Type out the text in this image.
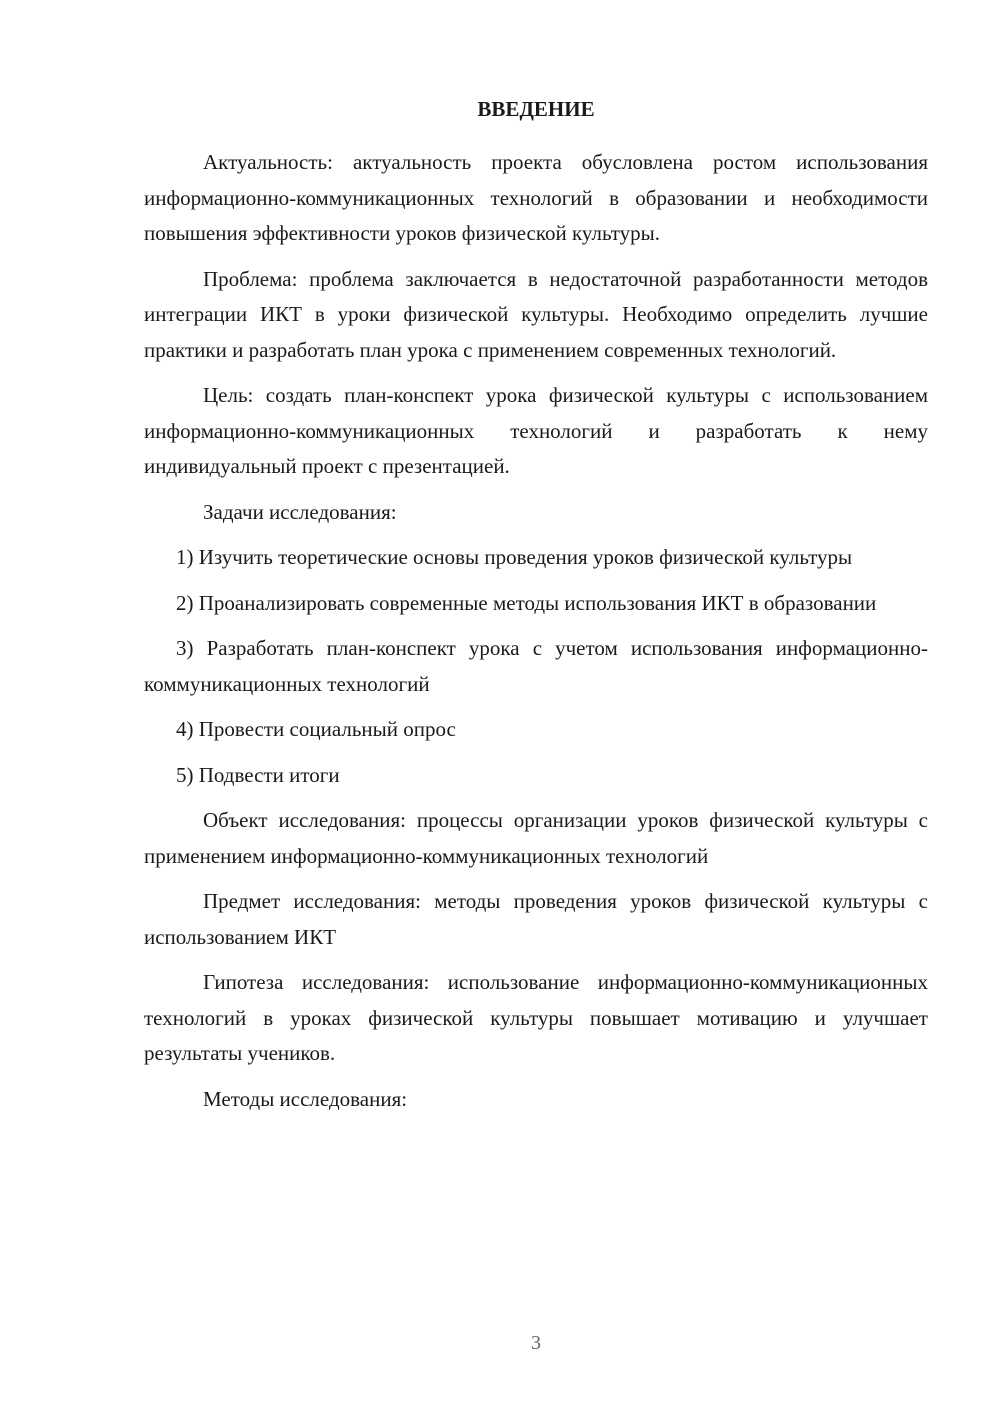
ВВЕДЕНИЕ

Актуальность: актуальность проекта обусловлена ростом использования информационно-коммуникационных технологий в образовании и необходимости повышения эффективности уроков физической культуры.

Проблема: проблема заключается в недостаточной разработанности методов интеграции ИКТ в уроки физической культуры. Необходимо определить лучшие практики и разработать план урока с применением современных технологий.

Цель: создать план-конспект урока физической культуры с использованием информационно-коммуникационных технологий и разработать к нему индивидуальный проект с презентацией.

Задачи исследования:

1) Изучить теоретические основы проведения уроков физической культуры

2) Проанализировать современные методы использования ИКТ в образовании

3) Разработать план-конспект урока с учетом использования информационно-коммуникационных технологий

4) Провести социальный опрос

5) Подвести итоги

Объект исследования: процессы организации уроков физической культуры с применением информационно-коммуникационных технологий

Предмет исследования: методы проведения уроков физической культуры с использованием ИКТ

Гипотеза исследования: использование информационно-коммуникационных технологий в уроках физической культуры повышает мотивацию и улучшает результаты учеников.

Методы исследования:

3
